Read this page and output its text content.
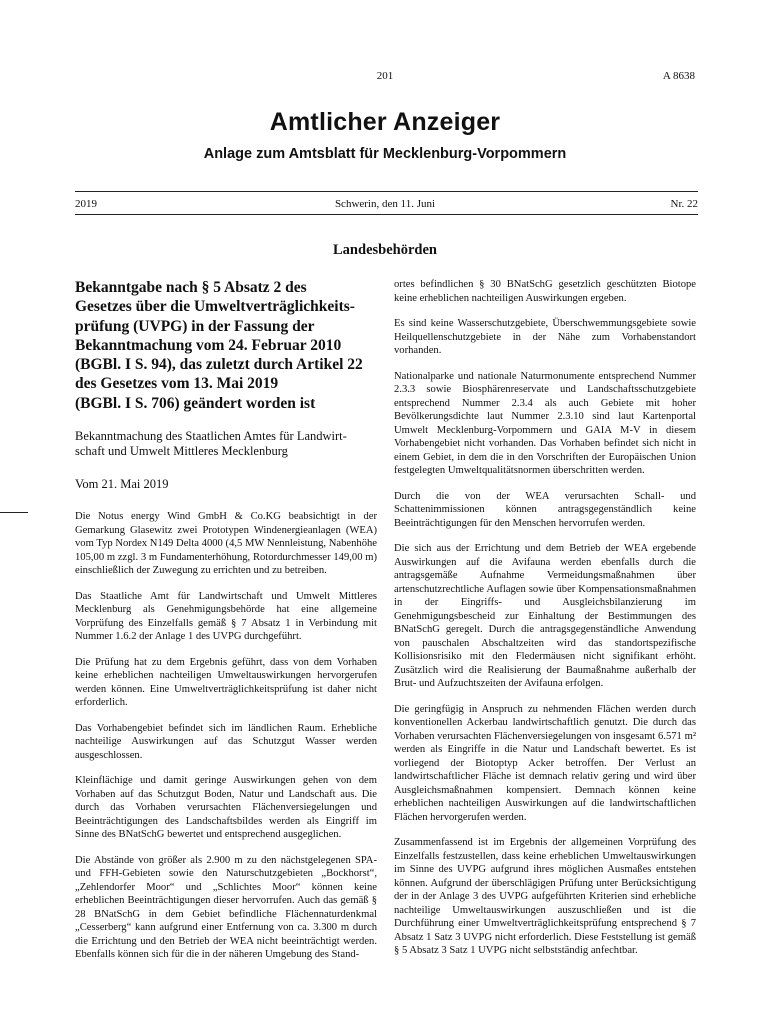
201	A 8638
Amtlicher Anzeiger
Anlage zum Amtsblatt für Mecklenburg-Vorpommern
2019	Schwerin, den 11. Juni	Nr. 22
Landesbehörden
Bekanntgabe nach § 5 Absatz 2 des
Gesetzes über die Umweltverträglichkeits-
prüfung (UVPG) in der Fassung der
Bekanntmachung vom 24. Februar 2010
(BGBl. I S. 94), das zuletzt durch Artikel 22
des Gesetzes vom 13. Mai 2019
(BGBl. I S. 706) geändert worden ist
Bekanntmachung des Staatlichen Amtes für Landwirt-
schaft und Umwelt Mittleres Mecklenburg
Vom 21. Mai 2019

Die Notus energy Wind GmbH & Co.KG beabsichtigt in der Gemarkung Glasewitz zwei Prototypen Windenergieanlagen (WEA) vom Typ Nordex N149 Delta 4000 (4,5 MW Nennleistung, Nabenhöhe 105,00 m zzgl. 3 m Fundamenterhöhung, Rotordurchmesser 149,00 m) einschließlich der Zuwegung zu errichten und zu betreiben.

Das Staatliche Amt für Landwirtschaft und Umwelt Mittleres Mecklenburg als Genehmigungsbehörde hat eine allgemeine Vorprüfung des Einzelfalls gemäß § 7 Absatz 1 in Verbindung mit Nummer 1.6.2 der Anlage 1 des UVPG durchgeführt.

Die Prüfung hat zu dem Ergebnis geführt, dass von dem Vorhaben keine erheblichen nachteiligen Umweltauswirkungen hervorgerufen werden können. Eine Umweltverträglichkeitsprüfung ist daher nicht erforderlich.

Das Vorhabengebiet befindet sich im ländlichen Raum. Erhebliche nachteilige Auswirkungen auf das Schutzgut Wasser werden ausgeschlossen.

Kleinflächige und damit geringe Auswirkungen gehen von dem Vorhaben auf das Schutzgut Boden, Natur und Landschaft aus. Die durch das Vorhaben verursachten Flächenversiegelungen und Beeinträchtigungen des Landschaftsbildes werden als Eingriff im Sinne des BNatSchG bewertet und entsprechend ausgeglichen.

Die Abstände von größer als 2.900 m zu den nächstgelegenen SPA- und FFH-Gebieten sowie den Naturschutzgebieten „Bockhorst“, „Zehlendorfer Moor“ und „Schlichtes Moor“ können keine erheblichen Beeinträchtigungen dieser hervorrufen. Auch das gemäß § 28 BNatSchG in dem Gebiet befindliche Flächennaturdenkmal „Cesserberg“ kann aufgrund einer Entfernung von ca. 3.300 m durch die Errichtung und den Betrieb der WEA nicht beeinträchtigt werden. Ebenfalls können sich für die in der näheren Umgebung des Stand-

ortes befindlichen § 30 BNatSchG gesetzlich geschützten Biotope keine erheblichen nachteiligen Auswirkungen ergeben.

Es sind keine Wasserschutzgebiete, Überschwemmungsgebiete sowie Heilquellenschutzgebiete in der Nähe zum Vorhabenstandort vorhanden.

Nationalparke und nationale Naturmonumente entsprechend Nummer 2.3.3 sowie Biosphärenreservate und Landschaftsschutzgebiete entsprechend Nummer 2.3.4 als auch Gebiete mit hoher Bevölkerungsdichte laut Nummer 2.3.10 sind laut Kartenportal Umwelt Mecklenburg-Vorpommern und GAIA M-V in diesem Vorhabengebiet nicht vorhanden. Das Vorhaben befindet sich nicht in einem Gebiet, in dem die in den Vorschriften der Europäischen Union festgelegten Umweltqualitätsnormen überschritten werden.

Durch die von der WEA verursachten Schall- und Schattenimmissionen können antragsgegenständlich keine Beeinträchtigungen für den Menschen hervorrufen werden.

Die sich aus der Errichtung und dem Betrieb der WEA ergebende Auswirkungen auf die Avifauna werden ebenfalls durch die antragsgemäße Aufnahme Vermeidungsmaßnahmen über artenschutzrechtliche Auflagen sowie über Kompensationsmaßnahmen in der Eingriffs- und Ausgleichsbilanzierung im Genehmigungsbescheid zur Einhaltung der Bestimmungen des BNatSchG geregelt. Durch die antragsgegenständliche Anwendung von pauschalen Abschaltzeiten wird das standortspezifische Kollisionsrisiko mit den Fledermäusen nicht signifikant erhöht. Zusätzlich wird die Realisierung der Baumaßnahme außerhalb der Brut- und Aufzuchtszeiten der Avifauna erfolgen.

Die geringfügig in Anspruch zu nehmenden Flächen werden durch konventionellen Ackerbau landwirtschaftlich genutzt. Die durch das Vorhaben verursachten Flächenversiegelungen von insgesamt 6.571 m² werden als Eingriffe in die Natur und Landschaft bewertet. Es ist vorliegend der Biotoptyp Acker betroffen. Der Verlust an landwirtschaftlicher Fläche ist demnach relativ gering und wird über Ausgleichsmaßnahmen kompensiert. Demnach können keine erheblichen nachteiligen Auswirkungen auf die landwirtschaftlichen Flächen hervorgerufen werden.

Zusammenfassend ist im Ergebnis der allgemeinen Vorprüfung des Einzelfalls festzustellen, dass keine erheblichen Umweltauswirkungen im Sinne des UVPG aufgrund ihres möglichen Ausmaßes entstehen können. Aufgrund der überschlägigen Prüfung unter Berücksichtigung der in der Anlage 3 des UVPG aufgeführten Kriterien sind erhebliche nachteilige Umweltauswirkungen auszuschließen und ist die Durchführung einer Umweltverträglichkeitsprüfung entsprechend § 7 Absatz 1 Satz 3 UVPG nicht erforderlich. Diese Feststellung ist gemäß § 5 Absatz 3 Satz 1 UVPG nicht selbstständig anfechtbar.
